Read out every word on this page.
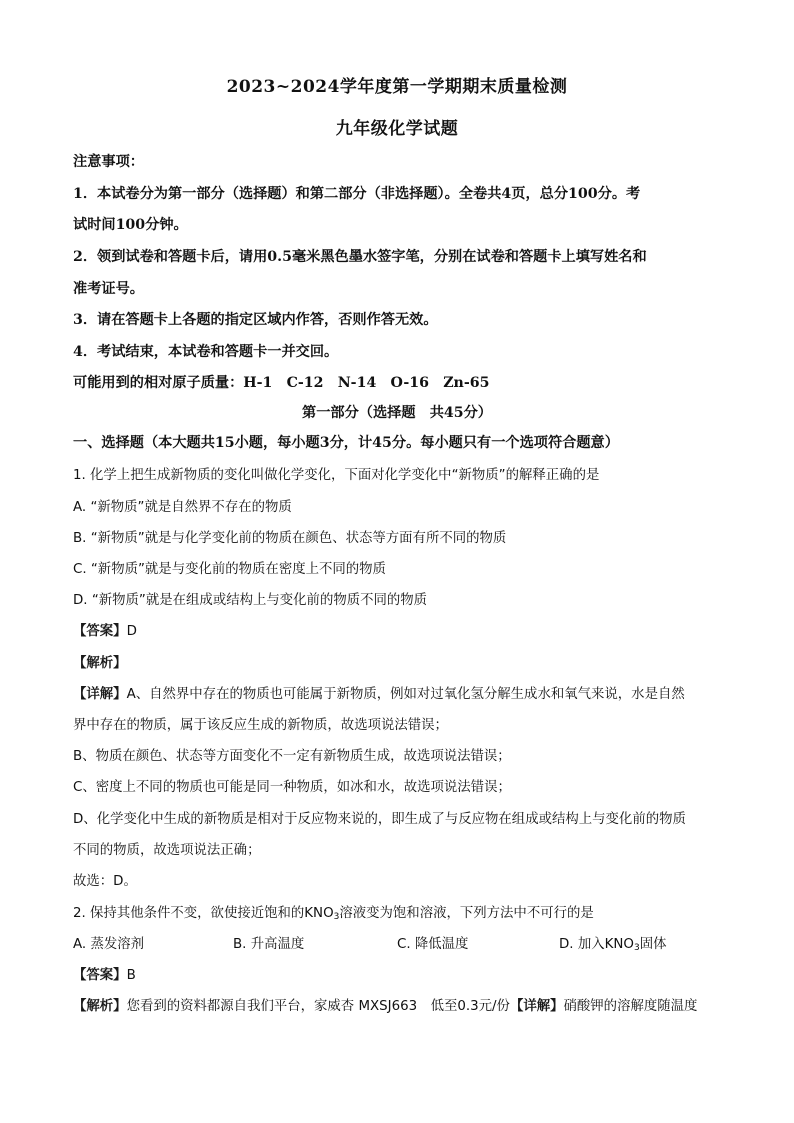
2023~2024学年度第一学期期末质量检测
九年级化学试题
注意事项：
1．本试卷分为第一部分（选择题）和第二部分（非选择题）。全卷共4页，总分100分。考
试时间100分钟。
2．领到试卷和答题卡后，请用0.5毫米黑色墨水签字笔，分别在试卷和答题卡上填写姓名和
准考证号。
3．请在答题卡上各题的指定区域内作答，否则作答无效。
4．考试结束，本试卷和答题卡一并交回。
可能用到的相对原子质量：H-1　C-12　N-14　O-16　Zn-65
第一部分（选择题　共45分）
一、选择题（本大题共15小题，每小题3分，计45分。每小题只有一个选项符合题意）
1. 化学上把生成新物质的变化叫做化学变化，下面对化学变化中“新物质”的解释正确的是
A. “新物质”就是自然界不存在的物质
B. “新物质”就是与化学变化前的物质在颜色、状态等方面有所不同的物质
C. “新物质”就是与变化前的物质在密度上不同的物质
D. “新物质”就是在组成或结构上与变化前的物质不同的物质
【答案】D
【解析】
【详解】A、自然界中存在的物质也可能属于新物质，例如对过氧化氢分解生成水和氧气来说，水是自然
界中存在的物质，属于该反应生成的新物质，故选项说法错误；
B、物质在颜色、状态等方面变化不一定有新物质生成，故选项说法错误；
C、密度上不同的物质也可能是同一种物质，如冰和水，故选项说法错误；
D、化学变化中生成的新物质是相对于反应物来说的，即生成了与反应物在组成或结构上与变化前的物质
不同的物质，故选项说法正确；
故选：D。
2. 保持其他条件不变，欲使接近饱和的$KNO_3$溶液变为饱和溶液，下列方法中不可行的是
A. 蒸发溶剂	B. 升高温度	C. 降低温度	D. 加入$KNO_3$固体
【答案】B
【解析】您看到的资料都源自我们平台，家威杏 MXSJ663　低至0.3元/份【详解】硝酸钾的溶解度随温度
